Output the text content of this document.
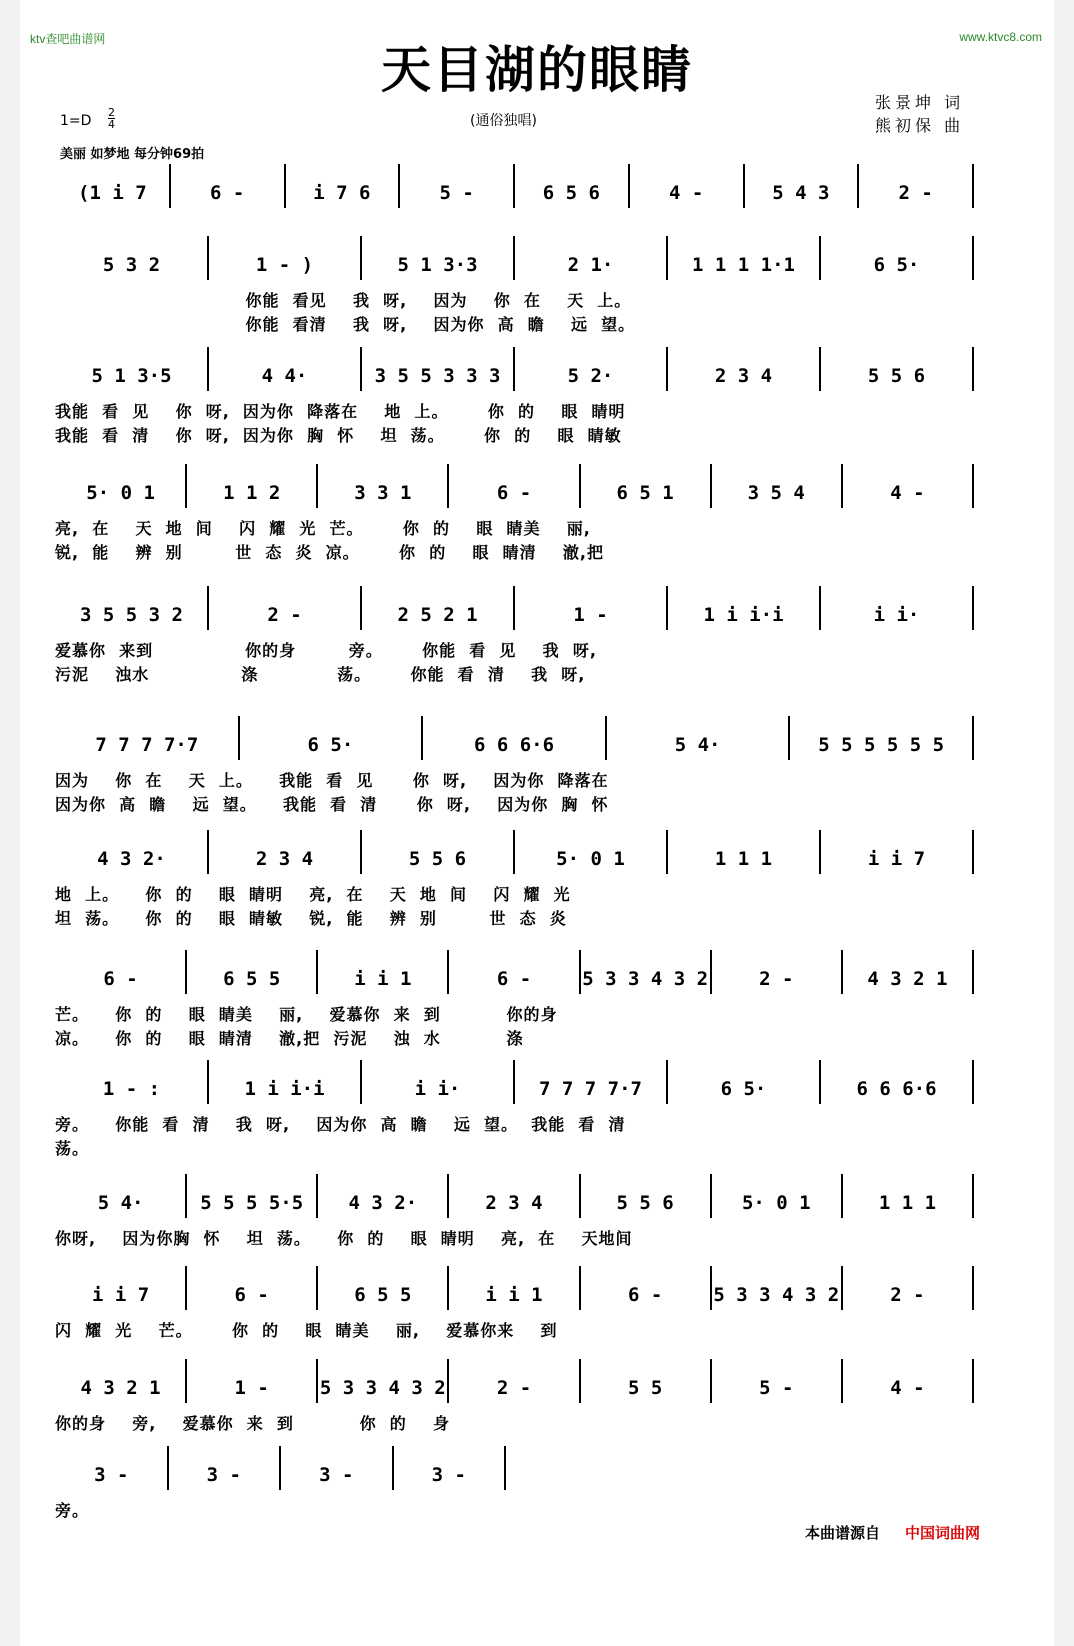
ktv查吧曲谱网	www.ktvc8.com
天目湖的眼睛
(通俗独唱)
张景坤 词
熊初保 曲
1=D
2
4
美丽 如梦地 每分钟69拍
(1 i 7	6 -	i 7 6	5 -	6 5 6	4 -	5 4 3	2 -
5 3 2	1 - )	5 1 3·3	2 1·	1 1 1 1·1	6 5·
你能  看见    我  呀,    因为    你  在    天  上。
你能  看清    我  呀,    因为你  高  瞻    远  望。
5 1 3·5	4 4·	3 5 5 3 3 3	5 2·	2 3 4	5 5 6
我能  看  见    你  呀,  因为你  降落在    地  上。      你  的    眼  睛明
我能  看  清    你  呀,  因为你  胸  怀    坦  荡。      你  的    眼  睛敏
5· 0 1	1 1 2	3 3 1	6 -	6 5 1	3 5 4	4 -
亮,  在    天  地  间    闪  耀  光  芒。      你  的    眼  睛美    丽,
锐,  能    辨  别        世  态  炎  凉。      你  的    眼  睛清    澈,把
3 5 5 3 2	2 -	2 5 2 1	1 -	1 i i·i	i i·
爱慕你  来到              你的身        旁。      你能  看  见    我  呀,
污泥    浊水              涤            荡。      你能  看  清    我  呀,
7 7 7 7·7	6 5·	6 6 6·6	5 4·	5 5 5 5 5 5
因为    你  在    天  上。    我能  看  见      你  呀,    因为你  降落在
因为你  高  瞻    远  望。    我能  看  清      你  呀,    因为你  胸  怀
4 3 2·	2 3 4	5 5 6	5· 0 1	1 1 1	i i 7
地  上。    你  的    眼  睛明    亮,  在    天  地  间    闪  耀  光
坦  荡。    你  的    眼  睛敏    锐,  能    辨  别        世  态  炎
6 -	6 5 5	i i 1	6 -	5 3 3 4 3 2	2 -	4 3 2 1
芒。    你  的    眼  睛美    丽,    爱慕你  来  到          你的身
凉。    你  的    眼  睛清    澈,把  污泥    浊  水          涤
1 - :	1 i i·i	i i·	7 7 7 7·7	6 5·	6 6 6·6
旁。    你能  看  清    我  呀,    因为你  高  瞻    远  望。  我能  看  清
荡。
5 4·	5 5 5 5·5	4 3 2·	2 3 4	5 5 6	5· 0 1	1 1 1
你呀,    因为你胸  怀    坦  荡。    你  的    眼  睛明    亮,  在    天地间
i i 7	6 -	6 5 5	i i 1	6 -	5 3 3 4 3 2	2 -
闪  耀  光    芒。      你  的    眼  睛美    丽,    爱慕你来    到
4 3 2 1	1 -	5 3 3 4 3 2	2 -	5 5	5 -	4 -
你的身    旁,    爱慕你  来  到          你  的    身
3 -	3 -	3 -	3 -
旁。
本曲谱源自 中国词曲网
